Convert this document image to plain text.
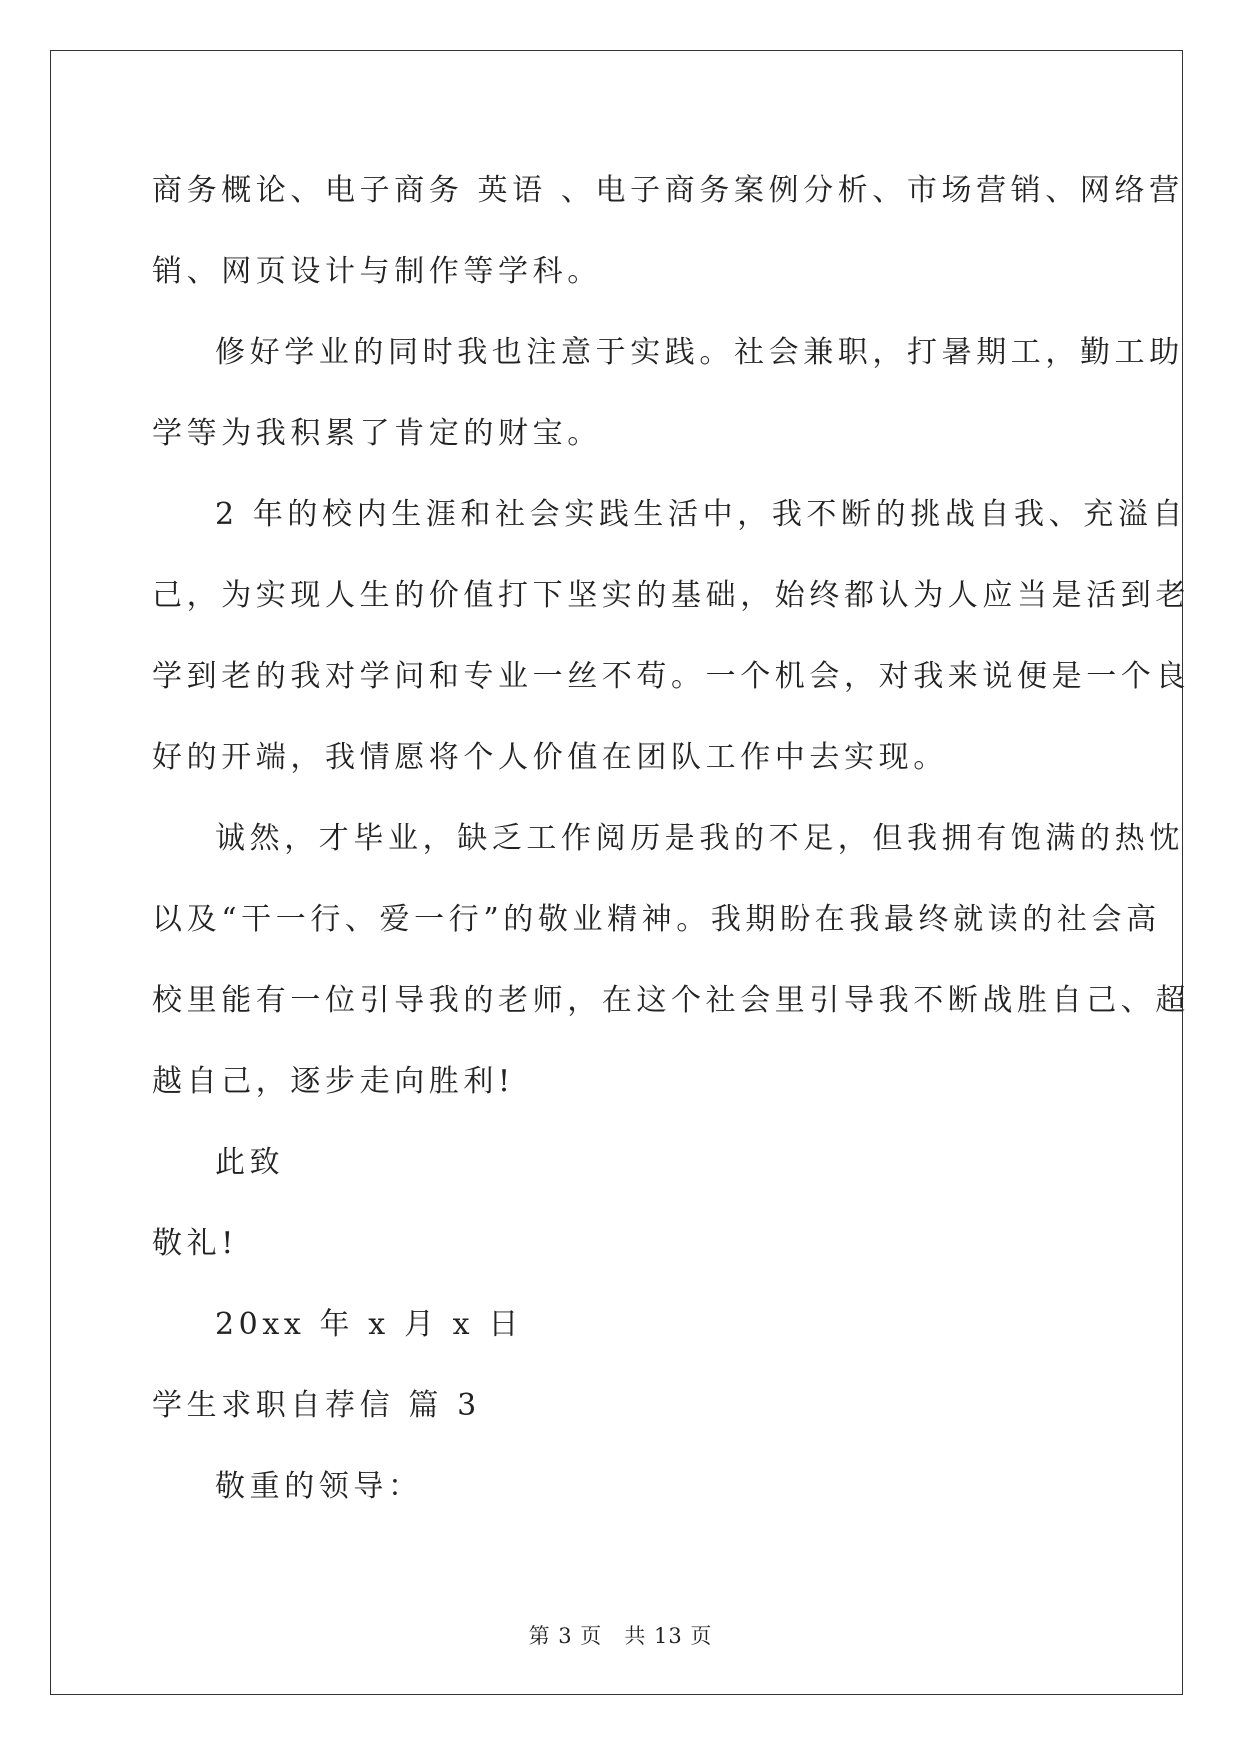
商务概论、电子商务 英语 、电子商务案例分析、市场营销、网络营
销、网页设计与制作等学科。
修好学业的同时我也注意于实践。社会兼职，打暑期工，勤工助
学等为我积累了肯定的财宝。
2 年的校内生涯和社会实践生活中，我不断的挑战自我、充溢自
己，为实现人生的价值打下坚实的基础，始终都认为人应当是活到老
学到老的我对学问和专业一丝不苟。一个机会，对我来说便是一个良
好的开端，我情愿将个人价值在团队工作中去实现。
诚然，才毕业，缺乏工作阅历是我的不足，但我拥有饱满的热忱
以及“干一行、爱一行”的敬业精神。我期盼在我最终就读的社会高
校里能有一位引导我的老师，在这个社会里引导我不断战胜自己、超
越自己，逐步走向胜利!
此致
敬礼!
20xx 年 x 月 x 日
学生求职自荐信 篇 3
敬重的领导：
第 3 页 共 13 页
